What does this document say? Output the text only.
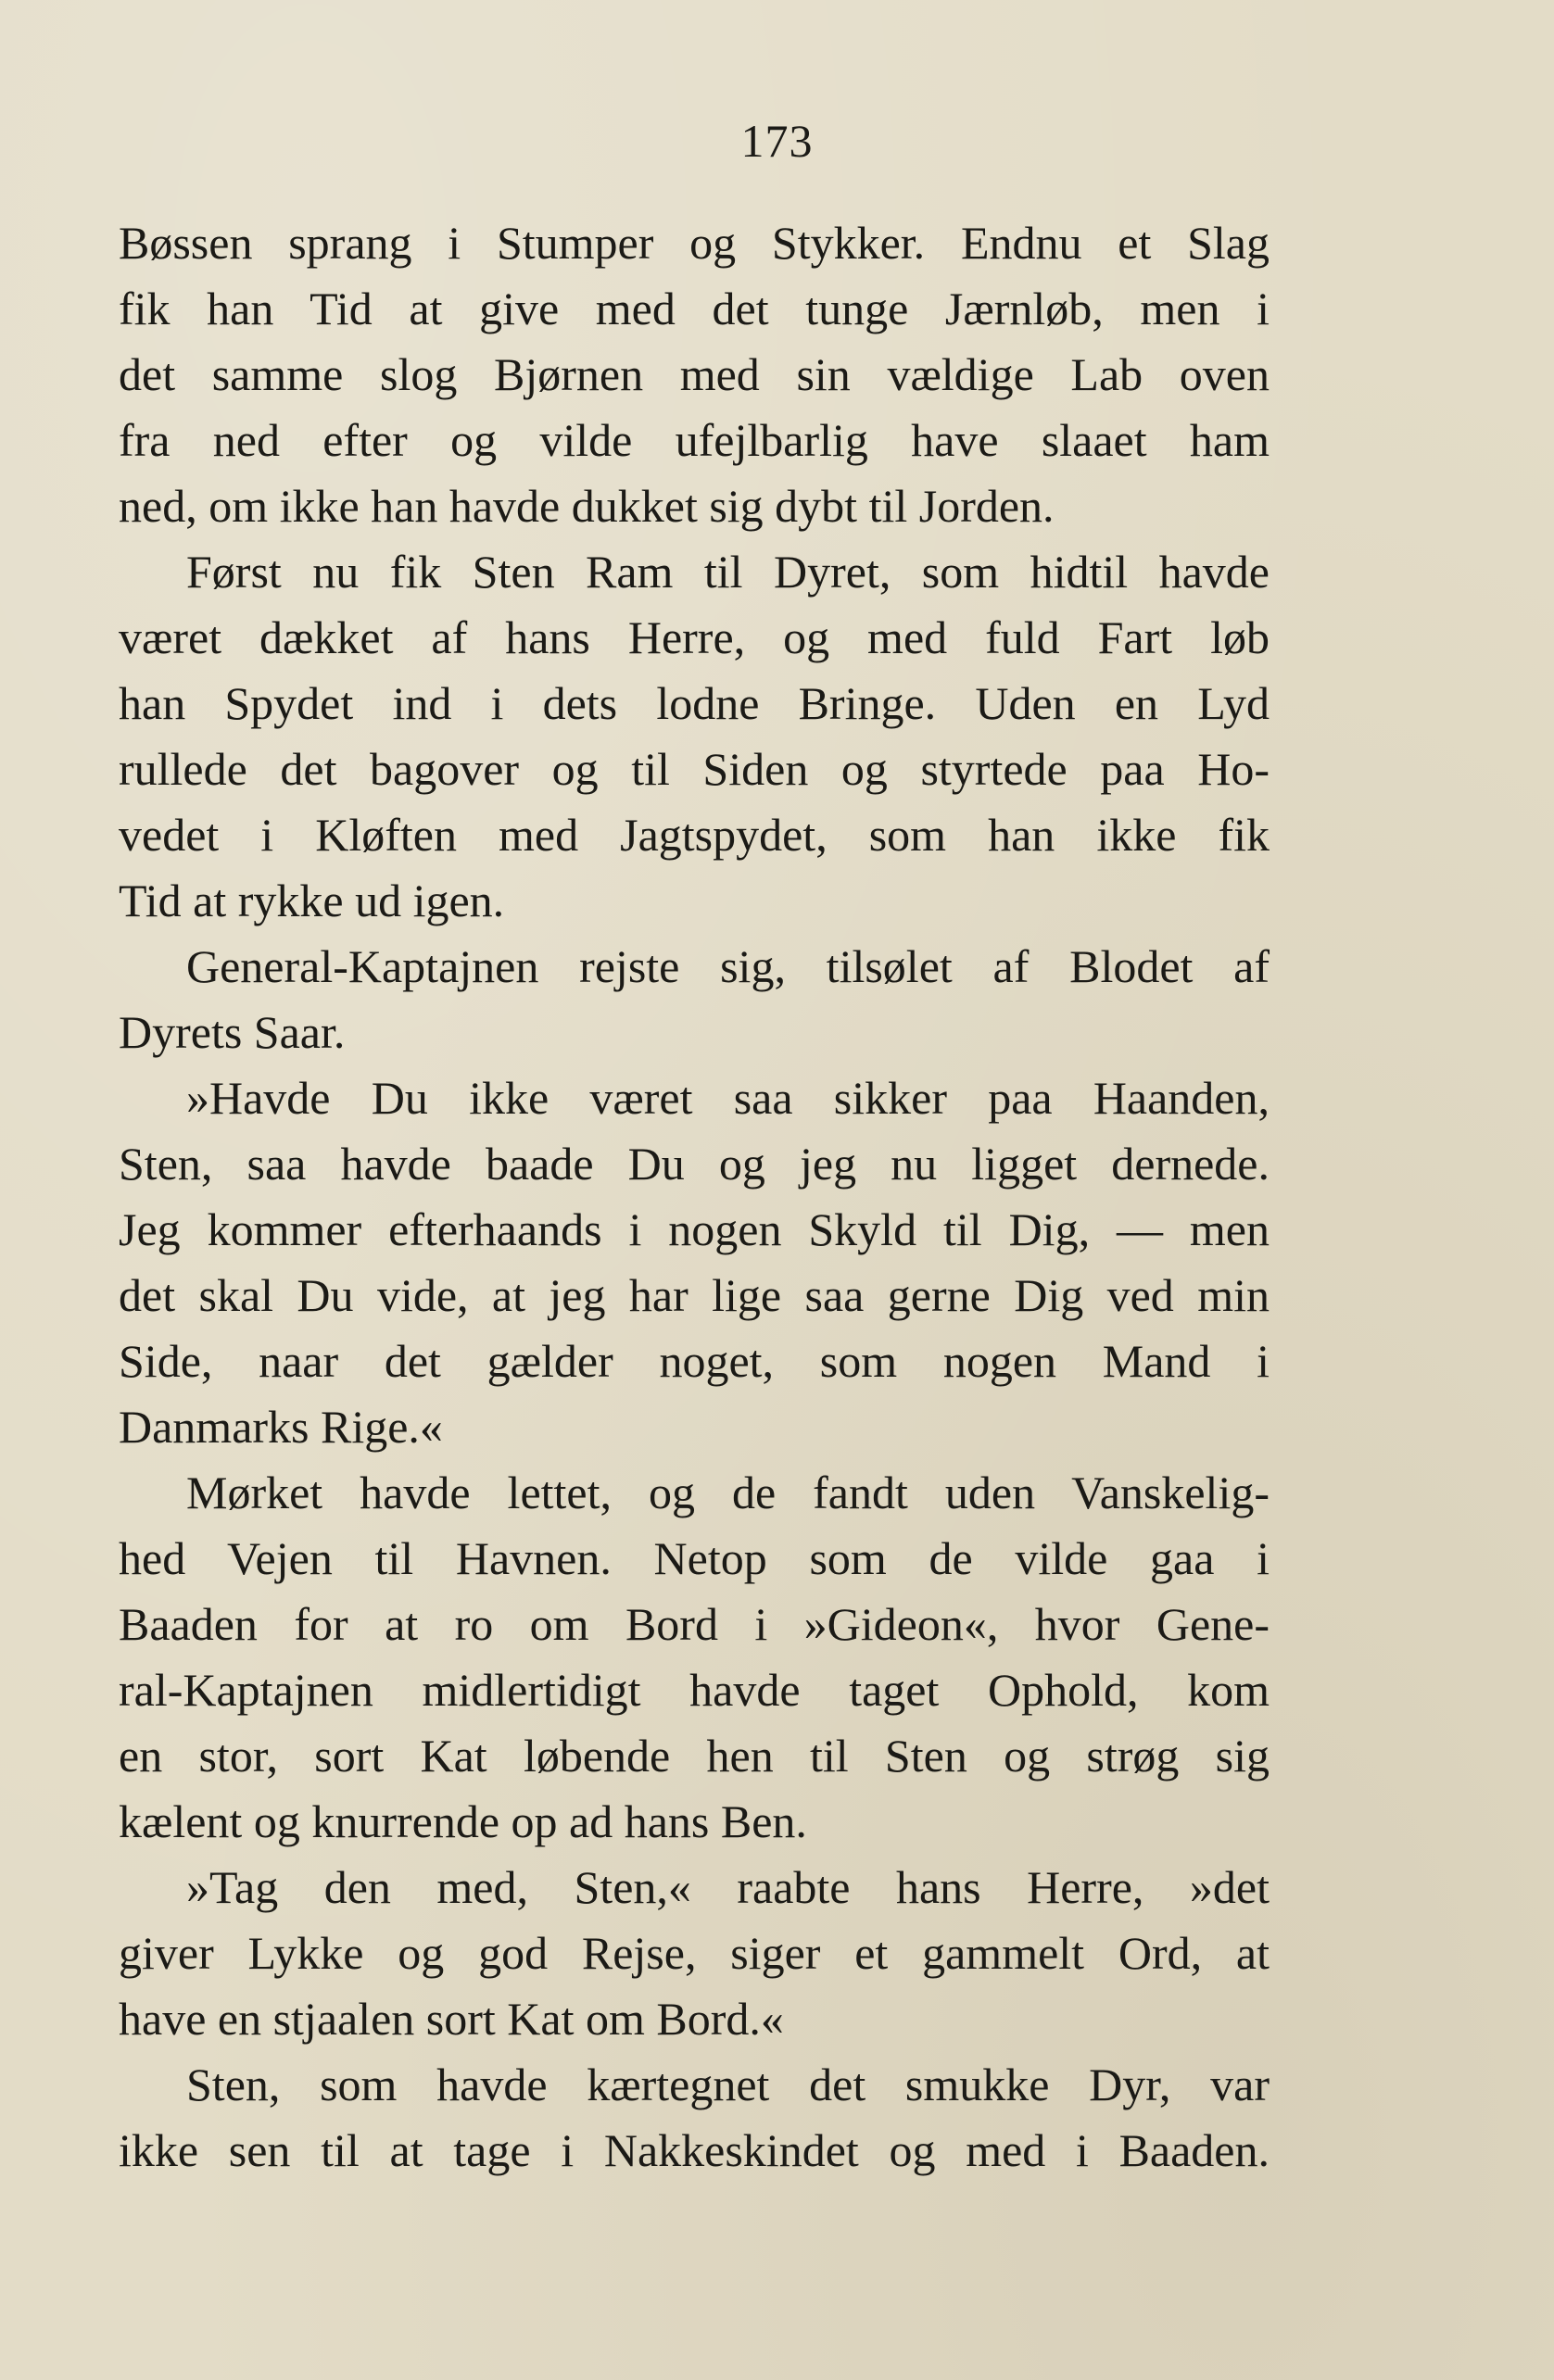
173
Bøssen sprang i Stumper og Stykker. Endnu et Slag
fik han Tid at give med det tunge Jærnløb, men i
det samme slog Bjørnen med sin vældige Lab oven
fra ned efter og vilde ufejlbarlig have slaaet ham
ned, om ikke han havde dukket sig dybt til Jorden.
Først nu fik Sten Ram til Dyret, som hidtil havde
været dækket af hans Herre, og med fuld Fart løb
han Spydet ind i dets lodne Bringe. Uden en Lyd
rullede det bagover og til Siden og styrtede paa Ho-
vedet i Kløften med Jagtspydet, som han ikke fik
Tid at rykke ud igen.
General-Kaptajnen rejste sig, tilsølet af Blodet af
Dyrets Saar.
»Havde Du ikke været saa sikker paa Haanden,
Sten, saa havde baade Du og jeg nu ligget dernede.
Jeg kommer efterhaands i nogen Skyld til Dig, — men
det skal Du vide, at jeg har lige saa gerne Dig ved min
Side, naar det gælder noget, som nogen Mand i
Danmarks Rige.«
Mørket havde lettet, og de fandt uden Vanskelig-
hed Vejen til Havnen. Netop som de vilde gaa i
Baaden for at ro om Bord i »Gideon«, hvor Gene-
ral-Kaptajnen midlertidigt havde taget Ophold, kom
en stor, sort Kat løbende hen til Sten og strøg sig
kælent og knurrende op ad hans Ben.
»Tag den med, Sten,« raabte hans Herre, »det
giver Lykke og god Rejse, siger et gammelt Ord, at
have en stjaalen sort Kat om Bord.«
Sten, som havde kærtegnet det smukke Dyr, var
ikke sen til at tage i Nakkeskindet og med i Baaden.
